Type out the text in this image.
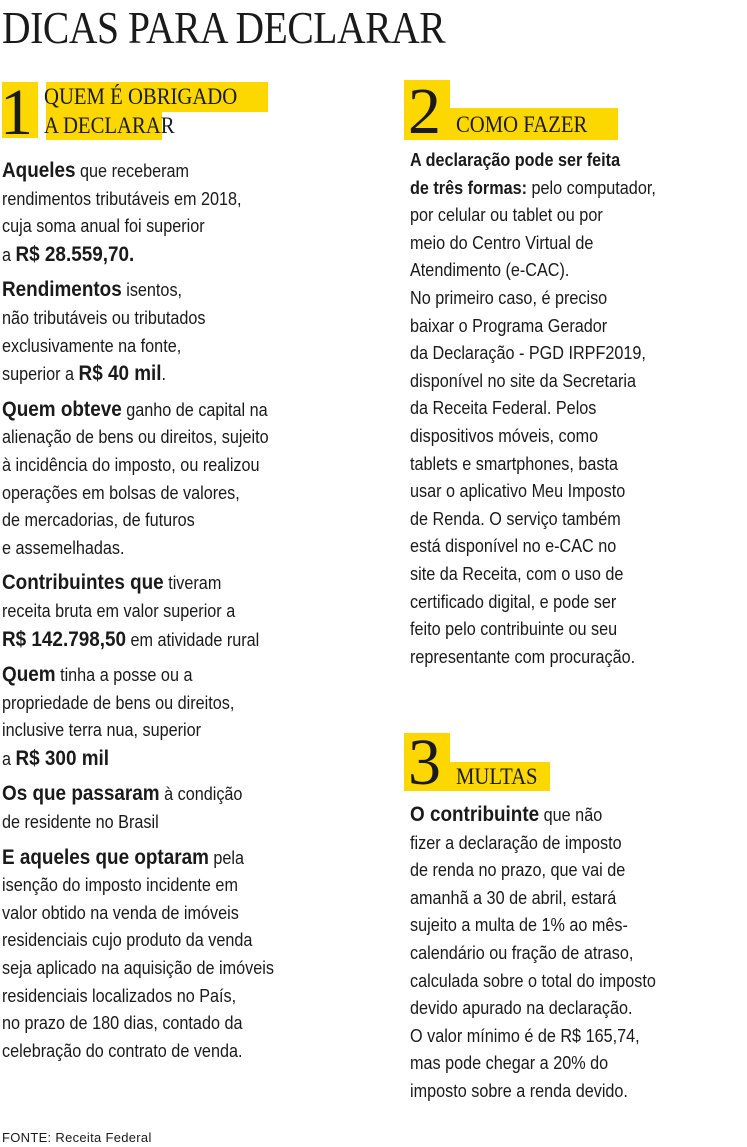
DICAS PARA DECLARAR

1 QUEM É OBRIGADO

A DECLARAR

Aqueles que receberam

rendimentos tributáveis em 2018,

cuja soma anual foi superior

a R$ 28.559,70.

Rendimentos isentos,

não tributáveis ou tributados

exclusivamente na fonte,

superior a R$ 40 mil.

Quem obteve ganho de capital na

alienação de bens ou direitos, sujeito

à incidência do imposto, ou realizou

operações em bolsas de valores,

de mercadorias, de futuros

e assemelhadas.

Contribuintes que tiveram

receita bruta em valor superior a

R$ 142.798,50 em atividade rural

Quem tinha a posse ou a

propriedade de bens ou direitos,

inclusive terra nua, superior

a R$ 300 mil

Os que passaram à condição

de residente no Brasil

E aqueles que optaram pela

isenção do imposto incidente em

valor obtido na venda de imóveis

residenciais cujo produto da venda

seja aplicado na aquisição de imóveis

residenciais localizados no País,

no prazo de 180 dias, contado da

celebração do contrato de venda.

2 COMO FAZER

A declaração pode ser feita

de três formas: pelo computador,

por celular ou tablet ou por

meio do Centro Virtual de

Atendimento (e-CAC).

No primeiro caso, é preciso

baixar o Programa Gerador

da Declaração - PGD IRPF2019,

disponível no site da Secretaria

da Receita Federal. Pelos

dispositivos móveis, como

tablets e smartphones, basta

usar o aplicativo Meu Imposto

de Renda. O serviço também

está disponível no e-CAC no

site da Receita, com o uso de

certificado digital, e pode ser

feito pelo contribuinte ou seu

representante com procuração.

3 MULTAS

O contribuinte que não

fizer a declaração de imposto

de renda no prazo, que vai de

amanhã a 30 de abril, estará

sujeito a multa de 1% ao mês-

calendário ou fração de atraso,

calculada sobre o total do imposto

devido apurado na declaração.

O valor mínimo é de R$ 165,74,

mas pode chegar a 20% do

imposto sobre a renda devido.

FONTE: Receita Federal
